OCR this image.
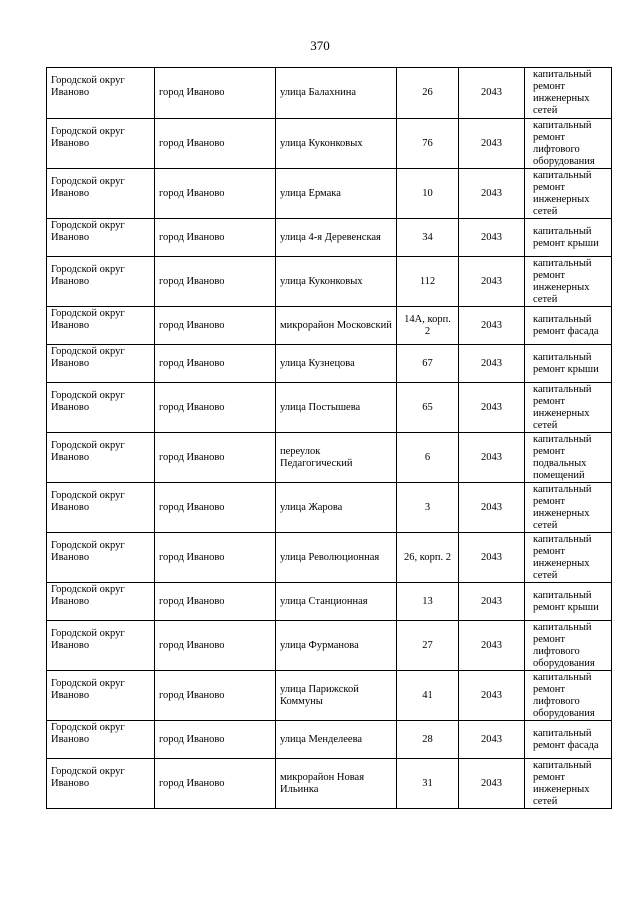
370
Городской округ Иваново	город Иваново	улица Балахнина	26	2043	капитальный ремонт инженерных сетей

Городской округ Иваново	город Иваново	улица Куконковых	76	2043	капитальный ремонт лифтового оборудования

Городской округ Иваново	город Иваново	улица Ермака	10	2043	капитальный ремонт инженерных сетей

Городской округ Иваново	город Иваново	улица 4-я Деревенская	34	2043	капитальный ремонт крыши

Городской округ Иваново	город Иваново	улица Куконковых	112	2043	капитальный ремонт инженерных сетей

Городской округ Иваново	город Иваново	микрорайон Московский	14А, корп. 2	2043	капитальный ремонт фасада

Городской округ Иваново	город Иваново	улица Кузнецова	67	2043	капитальный ремонт крыши

Городской округ Иваново	город Иваново	улица Постышева	65	2043	капитальный ремонт инженерных сетей

Городской округ Иваново	город Иваново	переулок Педагогический	6	2043	капитальный ремонт подвальных помещений

Городской округ Иваново	город Иваново	улица Жарова	3	2043	капитальный ремонт инженерных сетей

Городской округ Иваново	город Иваново	улица Революционная	26, корп. 2	2043	капитальный ремонт инженерных сетей

Городской округ Иваново	город Иваново	улица Станционная	13	2043	капитальный ремонт крыши

Городской округ Иваново	город Иваново	улица Фурманова	27	2043	капитальный ремонт лифтового оборудования

Городской округ Иваново	город Иваново	улица Парижской Коммуны	41	2043	капитальный ремонт лифтового оборудования

Городской округ Иваново	город Иваново	улица Менделеева	28	2043	капитальный ремонт фасада

Городской округ Иваново	город Иваново	микрорайон Новая Ильинка	31	2043	капитальный ремонт инженерных сетей
